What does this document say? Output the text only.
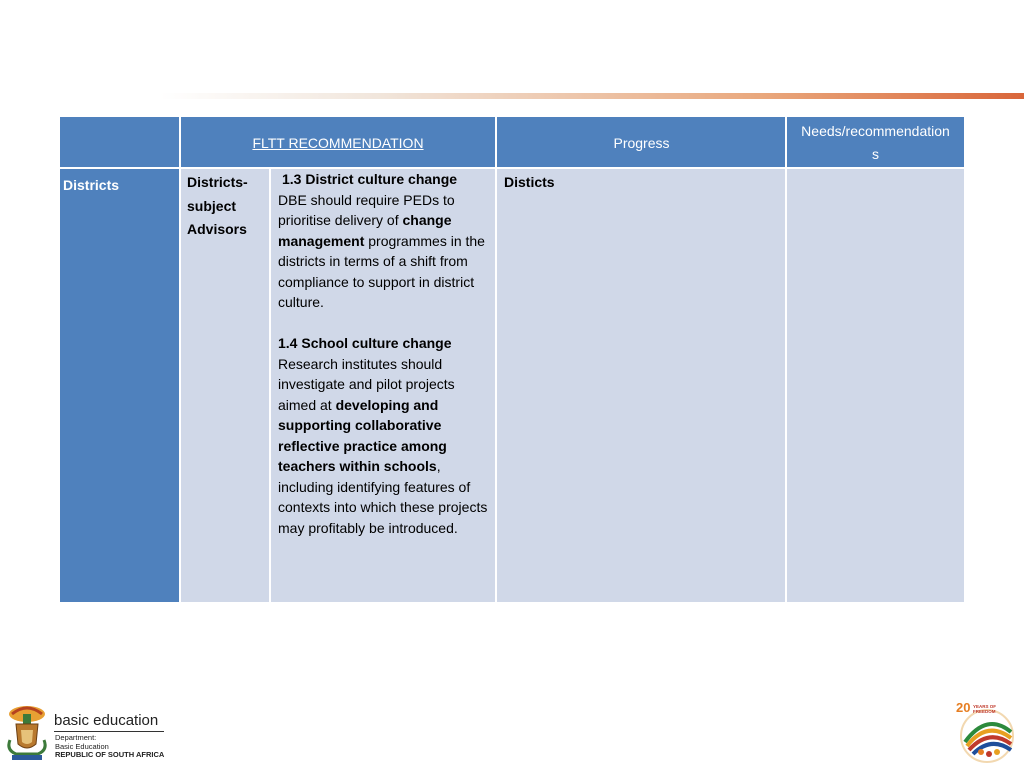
FLTT RECOMMENDATION	Progress
Needs/recommendation
s
Districts	Districts-
subject
Advisors
1.3 District culture change
DBE should require PEDs to prioritise delivery of change management programmes in the districts in terms of a shift from compliance to support in district culture.
1.4 School culture change
Research institutes should investigate and pilot projects aimed at developing and supporting collaborative reflective practice among teachers within schools, including identifying features of contexts into which these projects may profitably be introduced.
Disticts
basic education
Department:
Basic Education
REPUBLIC OF SOUTH AFRICA
20 YEARS OF FREEDOM
